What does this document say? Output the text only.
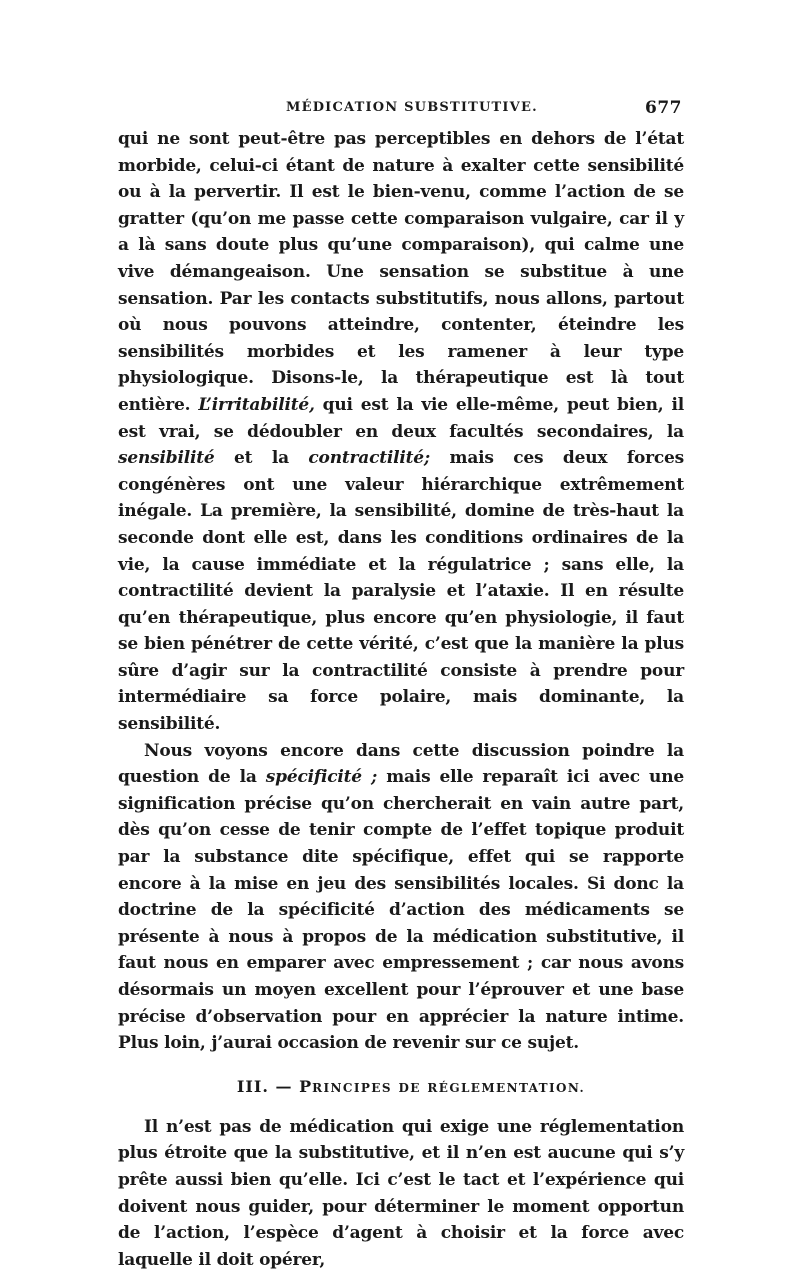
MÉDICATION SUBSTITUTIVE.	677

qui ne sont peut-être pas perceptibles en dehors de l’état morbide, celui-ci étant de nature à exalter cette sensibilité ou à la pervertir. Il est le bien-venu, comme l’action de se gratter (qu’on me passe cette comparaison vulgaire, car il y a là sans doute plus qu’une comparaison), qui calme une vive démangeaison. Une sensation se substitue à une sensation. Par les contacts substitutifs, nous allons, partout où nous pouvons atteindre, contenter, éteindre les sensibilités morbides et les ramener à leur type physiologique. Disons-le, la thérapeutique est là tout entière. L’irritabilité, qui est la vie elle-même, peut bien, il est vrai, se dédoubler en deux facultés secondaires, la sensibilité et la contractilité; mais ces deux forces congénères ont une valeur hiérarchique extrêmement inégale. La première, la sensibilité, domine de très-haut la seconde dont elle est, dans les conditions ordinaires de la vie, la cause immédiate et la régulatrice ; sans elle, la contractilité devient la paralysie et l’ataxie. Il en résulte qu’en thérapeutique, plus encore qu’en physiologie, il faut se bien pénétrer de cette vérité, c’est que la manière la plus sûre d’agir sur la contractilité consiste à prendre pour intermédiaire sa force polaire, mais dominante, la sensibilité.

Nous voyons encore dans cette discussion poindre la question de la spécificité ; mais elle reparaît ici avec une signification précise qu’on chercherait en vain autre part, dès qu’on cesse de tenir compte de l’effet topique produit par la substance dite spécifique, effet qui se rapporte encore à la mise en jeu des sensibilités locales. Si donc la doctrine de la spécificité d’action des médicaments se présente à nous à propos de la médication substitutive, il faut nous en emparer avec empressement ; car nous avons désormais un moyen excellent pour l’éprouver et une base précise d’observation pour en apprécier la nature intime. Plus loin, j’aurai occasion de revenir sur ce sujet.

III. — PRINCIPES DE RÉGLEMENTATION.

Il n’est pas de médication qui exige une réglementation plus étroite que la substitutive, et il n’en est aucune qui s’y prête aussi bien qu’elle. Ici c’est le tact et l’expérience qui doivent nous guider, pour déterminer le moment opportun de l’action, l’espèce d’agent à choisir et la force avec laquelle il doit opérer,
